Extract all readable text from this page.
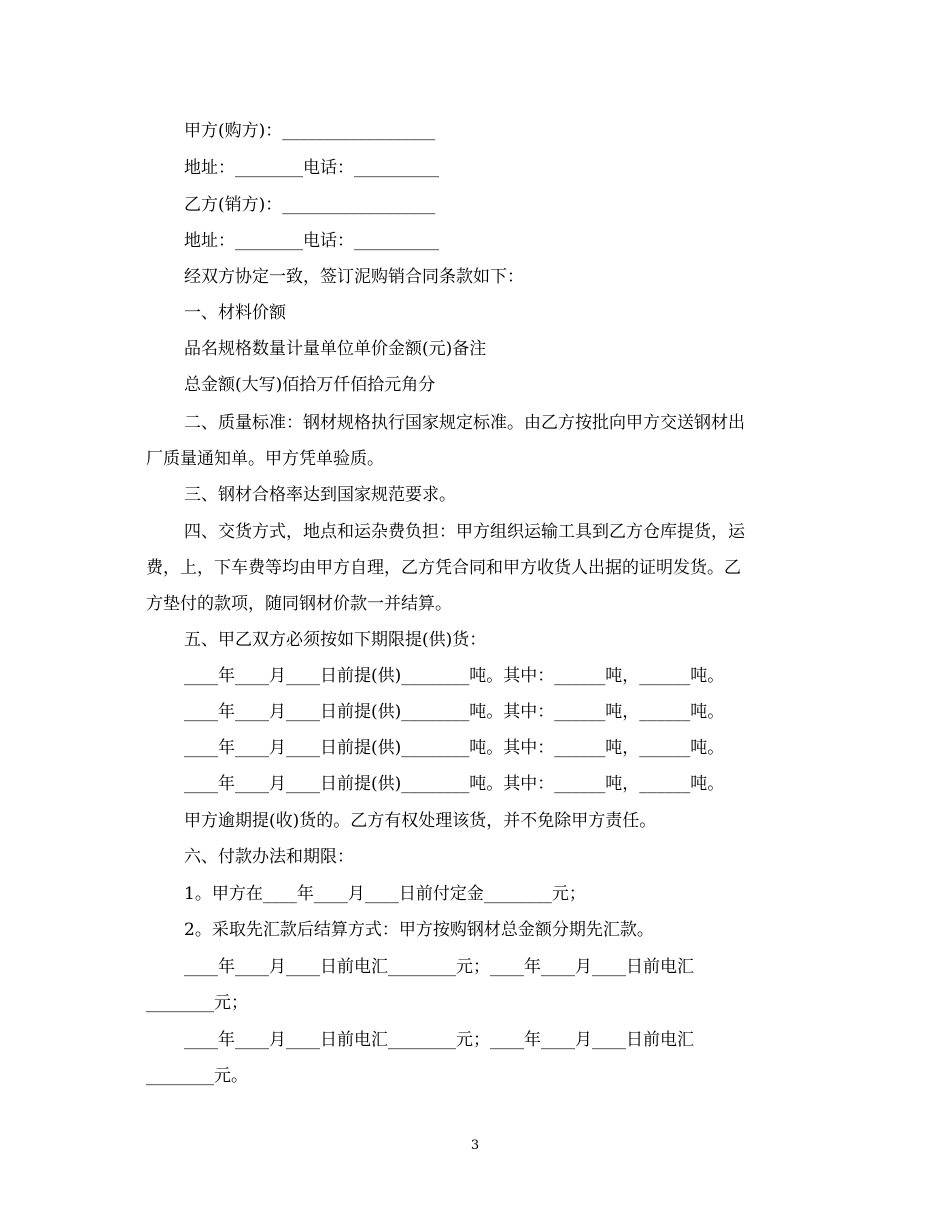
甲方(购方)：__________________
地址：________电话：__________
乙方(销方)：__________________
地址：________电话：__________
经双方协定一致，签订泥购销合同条款如下：
一、材料价额
品名规格数量计量单位单价金额(元)备注
总金额(大写)佰拾万仟佰拾元角分
二、质量标准：钢材规格执行国家规定标准。由乙方按批向甲方交送钢材出
厂质量通知单。甲方凭单验质。
三、钢材合格率达到国家规范要求。
四、交货方式，地点和运杂费负担：甲方组织运输工具到乙方仓库提货，运
费，上，下车费等均由甲方自理，乙方凭合同和甲方收货人出据的证明发货。乙
方垫付的款项，随同钢材价款一并结算。
五、甲乙双方必须按如下期限提(供)货：
____年____月____日前提(供)________吨。其中：______吨，______吨。
____年____月____日前提(供)________吨。其中：______吨，______吨。
____年____月____日前提(供)________吨。其中：______吨，______吨。
____年____月____日前提(供)________吨。其中：______吨，______吨。
甲方逾期提(收)货的。乙方有权处理该货，并不免除甲方责任。
六、付款办法和期限：
1。甲方在____年____月____日前付定金________元；
2。采取先汇款后结算方式：甲方按购钢材总金额分期先汇款。
____年____月____日前电汇________元；____年____月____日前电汇
________元；
____年____月____日前电汇________元；____年____月____日前电汇
________元。
3
